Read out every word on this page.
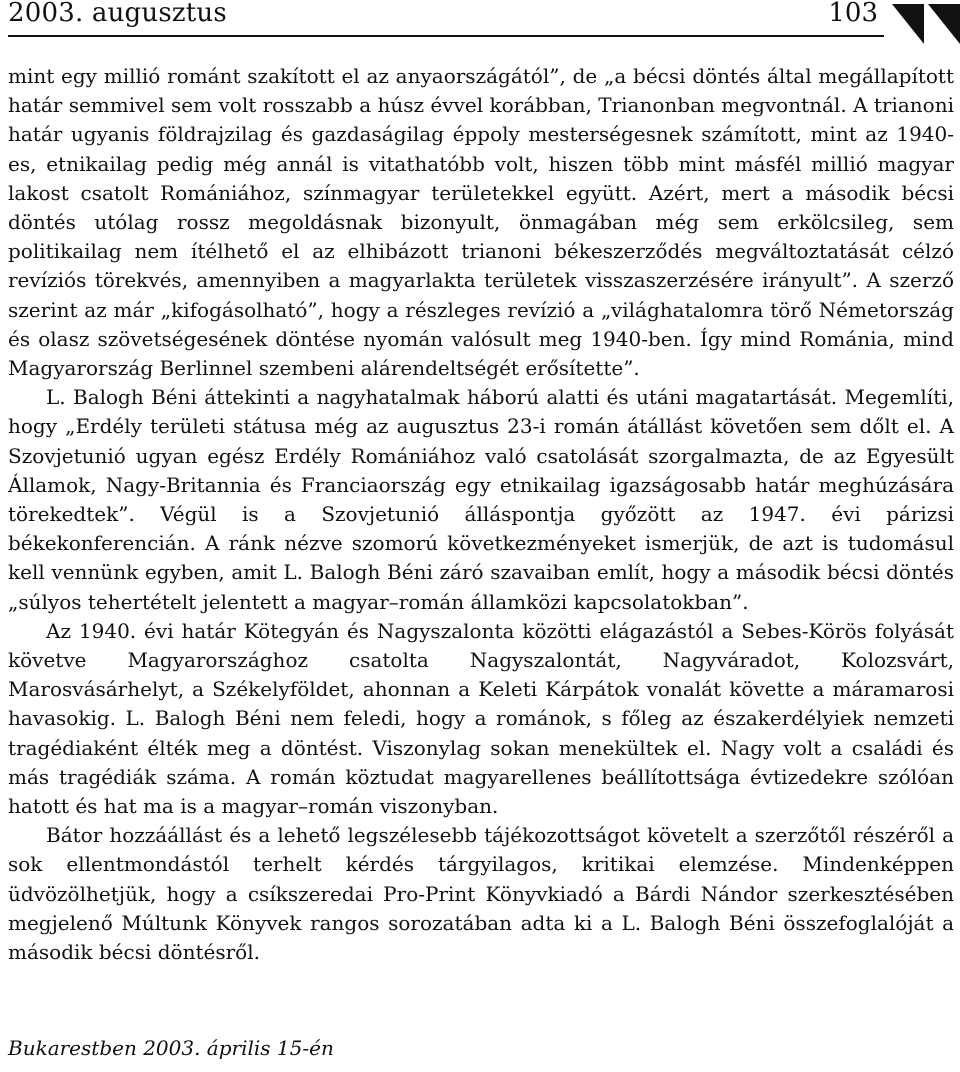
2003. augusztus	103

mint egy millió románt szakított el az anyaországától”, de „a bécsi döntés által megállapított határ semmivel sem volt rosszabb a húsz évvel korábban, Trianonban megvontnál. A trianoni határ ugyanis földrajzilag és gazdaságilag éppoly mesterségesnek számított, mint az 1940-es, etnikailag pedig még annál is vitathatóbb volt, hiszen több mint másfél millió magyar lakost csatolt Romániához, színmagyar területekkel együtt. Azért, mert a második bécsi döntés utólag rossz megoldásnak bizonyult, önmagában még sem erkölcsileg, sem politikailag nem ítélhető el az elhibázott trianoni békeszerződés megváltoztatását célzó revíziós törekvés, amennyiben a magyarlakta területek visszaszerzésére irányult”. A szerző szerint az már „kifogásolható”, hogy a részleges revízió a „világhatalomra törő Németország és olasz szövetségesének döntése nyomán valósult meg 1940-ben. Így mind Románia, mind Magyarország Berlinnel szembeni alárendeltségét erősítette”.

L. Balogh Béni áttekinti a nagyhatalmak háború alatti és utáni magatartását. Megemlíti, hogy „Erdély területi státusa még az augusztus 23-i román átállást követően sem dőlt el. A Szovjetunió ugyan egész Erdély Romániához való csatolását szorgalmazta, de az Egyesült Államok, Nagy-Britannia és Franciaország egy etnikailag igazságosabb határ meghúzására törekedtek”. Végül is a Szovjetunió álláspontja győzött az 1947. évi párizsi békekonferencián. A ránk nézve szomorú következményeket ismerjük, de azt is tudomásul kell vennünk egyben, amit L. Balogh Béni záró szavaiban említ, hogy a második bécsi döntés „súlyos tehertételt jelentett a magyar–román államközi kapcsolatokban”.

Az 1940. évi határ Kötegyán és Nagyszalonta közötti elágazástól a Sebes-Körös folyását követve Magyarországhoz csatolta Nagyszalontát, Nagyváradot, Kolozsvárt, Marosvásárhelyt, a Székelyföldet, ahonnan a Keleti Kárpátok vonalát követte a máramarosi havasokig. L. Balogh Béni nem feledi, hogy a románok, s főleg az északerdélyiek nemzeti tragédiaként élték meg a döntést. Viszonylag sokan menekültek el. Nagy volt a családi és más tragédiák száma. A román köztudat magyarellenes beállítottsága évtizedekre szólóan hatott és hat ma is a magyar–román viszonyban.

Bátor hozzáállást és a lehető legszélesebb tájékozottságot követelt a szerzőtől részéről a sok ellentmondástól terhelt kérdés tárgyilagos, kritikai elemzése. Mindenképpen üdvözölhetjük, hogy a csíkszeredai Pro-Print Könyvkiadó a Bárdi Nándor szerkesztésében megjelenő Múltunk Könyvek rangos sorozatában adta ki a L. Balogh Béni összefoglalóját a második bécsi döntésről.

Bukarestben 2003. április 15-én
